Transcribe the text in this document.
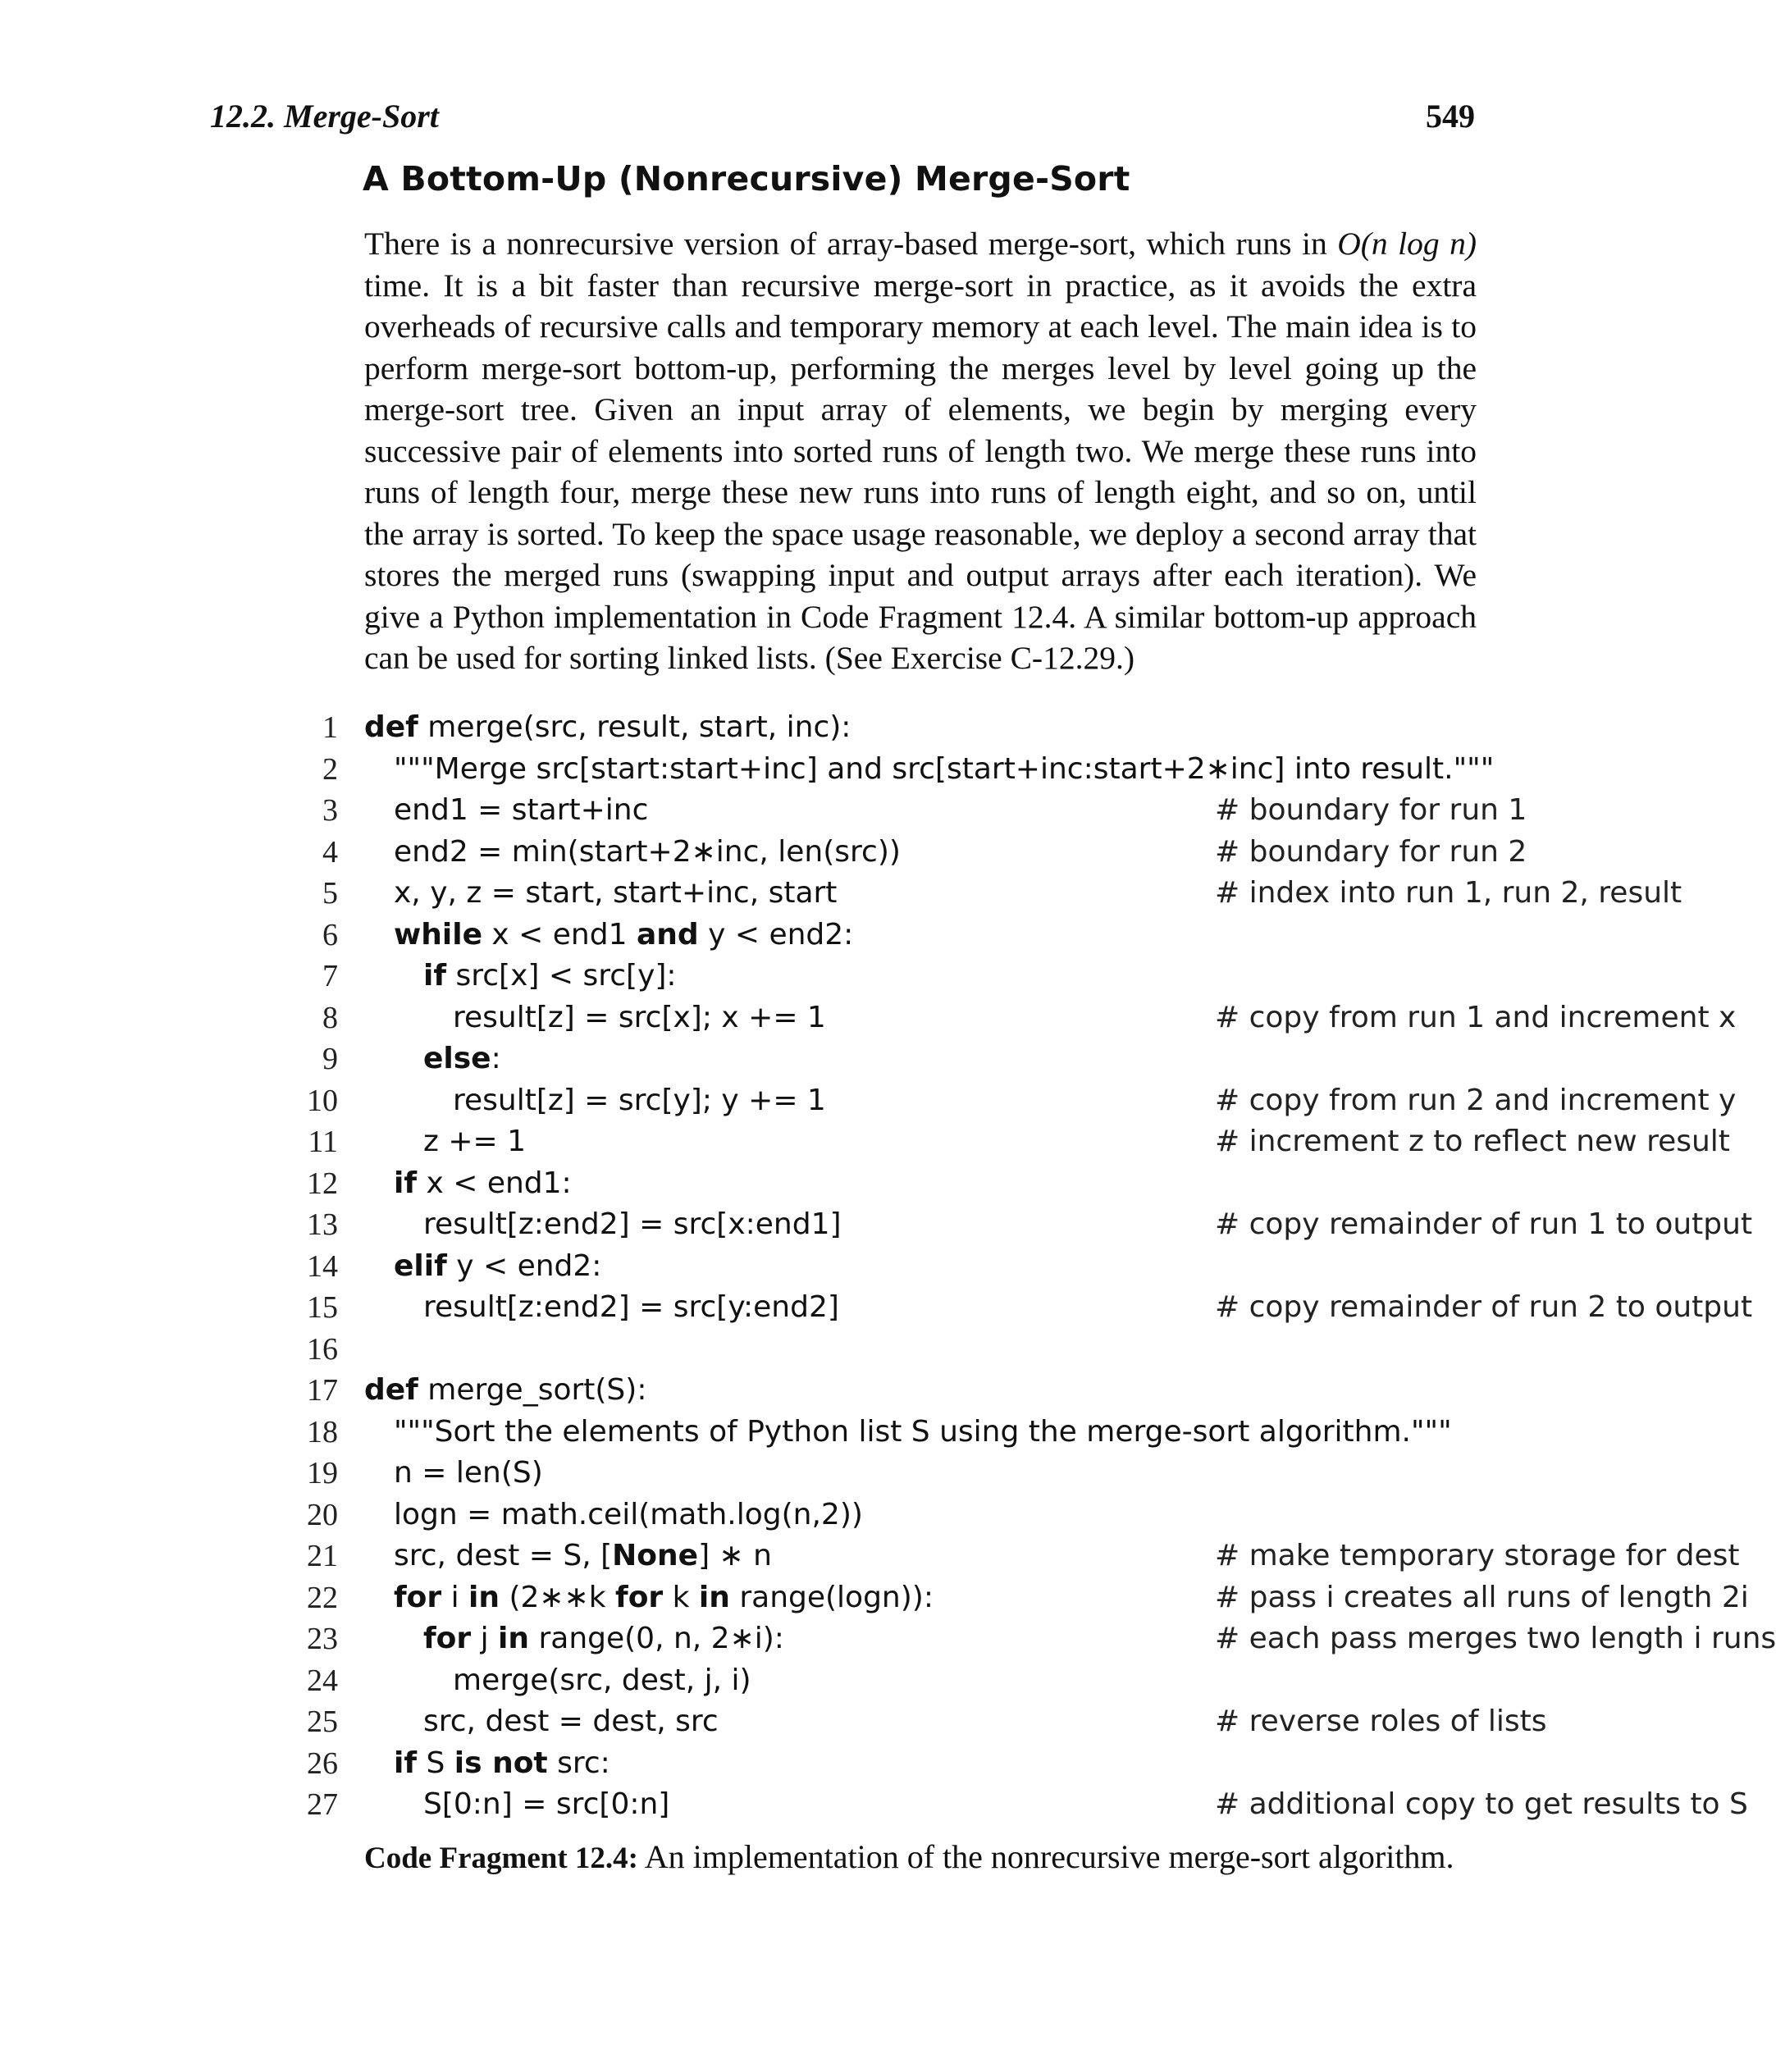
12.2. Merge-Sort	549
A Bottom-Up (Nonrecursive) Merge-Sort
There is a nonrecursive version of array-based merge-sort, which runs in O(n log n) time. It is a bit faster than recursive merge-sort in practice, as it avoids the extra overheads of recursive calls and temporary memory at each level. The main idea is to perform merge-sort bottom-up, performing the merges level by level going up the merge-sort tree. Given an input array of elements, we begin by merging every successive pair of elements into sorted runs of length two. We merge these runs into runs of length four, merge these new runs into runs of length eight, and so on, until the array is sorted. To keep the space usage reasonable, we deploy a second array that stores the merged runs (swapping input and output arrays after each iteration). We give a Python implementation in Code Fragment 12.4. A similar bottom-up approach can be used for sorting linked lists. (See Exercise C-12.29.)
1 def merge(src, result, start, inc):
2 """Merge src[start:start+inc] and src[start+inc:start+2∗inc] into result."""
3 end1 = start+inc	# boundary for run 1
4 end2 = min(start+2∗inc, len(src))	# boundary for run 2
5 x, y, z = start, start+inc, start	# index into run 1, run 2, result
6 while x < end1 and y < end2:
7	if src[x] < src[y]:
8	result[z] = src[x]; x += 1	# copy from run 1 and increment x
9	else:
10	result[z] = src[y]; y += 1	# copy from run 2 and increment y
11	z += 1	# increment z to reflect new result
12 if x < end1:
13	result[z:end2] = src[x:end1]	# copy remainder of run 1 to output
14 elif y < end2:
15	result[z:end2] = src[y:end2]	# copy remainder of run 2 to output
16
17 def merge_sort(S):
18 """Sort the elements of Python list S using the merge-sort algorithm."""
19 n = len(S)
20 logn = math.ceil(math.log(n,2))
21 src, dest = S, [None] ∗ n	# make temporary storage for dest
22 for i in (2∗∗k for k in range(logn)):	# pass i creates all runs of length 2i
23	for j in range(0, n, 2∗i):	# each pass merges two length i runs
24	merge(src, dest, j, i)
25	src, dest = dest, src	# reverse roles of lists
26 if S is not src:
27	S[0:n] = src[0:n]	# additional copy to get results to S
Code Fragment 12.4: An implementation of the nonrecursive merge-sort algorithm.
